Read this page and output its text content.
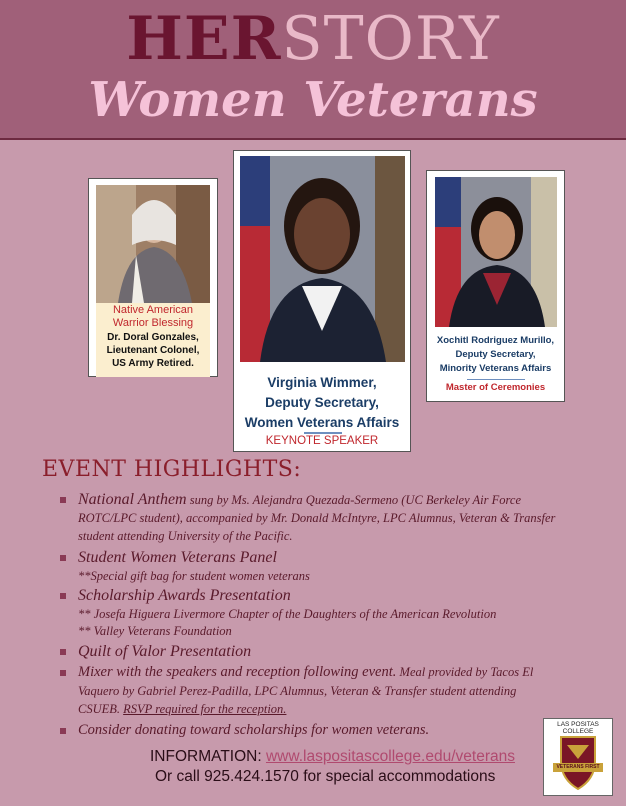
HERSTORY
Women Veterans
Native American
Warrior Blessing
Dr. Doral Gonzales,
Lieutenant Colonel,
US Army Retired.
Virginia Wimmer,
Deputy Secretary,
Women Veterans Affairs
KEYNOTE SPEAKER
Xochitl Rodriguez Murillo,
Deputy Secretary,
Minority Veterans Affairs
Master of Ceremonies
EVENT HIGHLIGHTS:
National Anthem sung by Ms. Alejandra Quezada-Sermeno (UC Berkeley Air Force ROTC/LPC student), accompanied by Mr. Donald McIntyre, LPC Alumnus, Veteran & Transfer student attending University of the Pacific.
Student Women Veterans Panel
**Special gift bag for student women veterans
Scholarship Awards Presentation
** Josefa Higuera Livermore Chapter of the Daughters of the American Revolution
** Valley Veterans Foundation
Quilt of Valor Presentation
Mixer with the speakers and reception following event. Meal provided by Tacos El Vaquero by Gabriel Perez-Padilla, LPC Alumnus, Veteran & Transfer student attending CSUEB. RSVP required for the reception.
Consider donating toward scholarships for women veterans.
INFORMATION: www.laspositascollege.edu/veterans
Or call 925.424.1570 for special accommodations
LAS POSITAS COLLEGE
VETERANS FIRST
